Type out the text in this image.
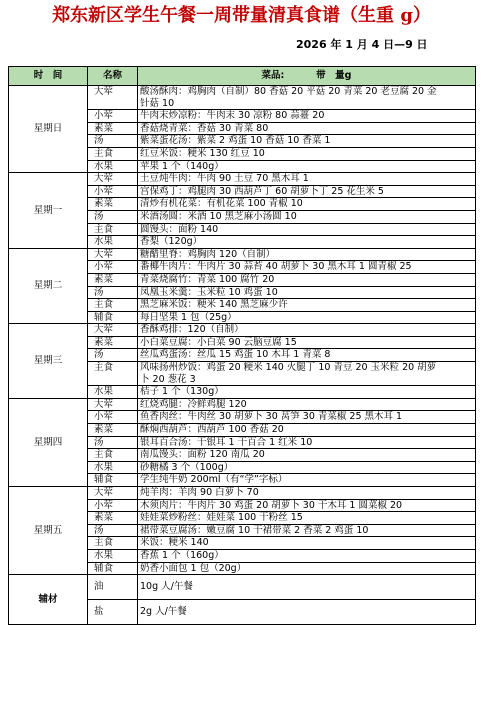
郑东新区学生午餐一周带量清真食谱（生重 g）
2026 年 1 月 4 日—9 日
时　间	名称	菜品:　　　 带　量g
星期日	大荤	酸汤酥肉：鸡胸肉（自制）80 香菇 20 平菇 20 青菜 20 老豆腐 20 金
针菇 10

	小荤	牛肉末炒凉粉：牛肉末 30 凉粉 80 蒜薹 20

	素菜	香菇烧青菜：香菇 30 青菜 80

	汤	紫菜蛋花汤：紫菜 2 鸡蛋 10 香菇 10 香菜 1

	主食	红豆米饭：粳米 130 红豆 10

	水果	苹果 1 个（140g）

星期一	大荤	土豆炖牛肉：牛肉 90 土豆 70 黑木耳 1

	小荤	宫保鸡丁：鸡腿肉 30 西葫芦丁 60 胡萝卜丁 25 花生米 5

	素菜	清炒有机花菜：有机花菜 100 青椒 10

	汤	米酒汤圆：米酒 10 黑芝麻小汤圆 10

	主食	圆馒头：面粉 140

	水果	香梨（120g）

星期二	大荤	糖醋里脊：鸡胸肉 120（自制）

	小荤	番椰牛肉片：牛肉片 30 蒜苔 40 胡萝卜 30 黑木耳 1 圆青椒 25

	素菜	青菜烧腐竹：青菜 100 腐竹 20

	汤	凤凰玉米羹：玉米粒 10 鸡蛋 10

	主食	黑芝麻米饭：粳米 140 黑芝麻少许

	辅食	每日坚果 1 包（25g）

星期三	大荤	香酥鸡排：120（自制）

	素菜	小白菜豆腐：小白菜 90 云脑豆腐 15

	汤	丝瓜鸡蛋汤：丝瓜 15 鸡蛋 10 木耳 1 青菜 8

	主食	风味扬州炒饭：鸡蛋 20 粳米 140 火腿丁 10 青豆 20 玉米粒 20 胡萝
卜 20 葱花 3

	水果	桔子 1 个（130g）

星期四	大荤	红烧鸡腿：冷鲜鸡腿 120

	小荤	鱼香肉丝：牛肉丝 30 胡萝卜 30 莴笋 30 青菜椒 25 黑木耳 1

	素菜	酥焖西葫芦：西葫芦 100 香菇 20

	汤	银耳百合汤：干银耳 1 干百合 1 红米 10

	主食	南瓜馒头：面粉 120 南瓜 20

	水果	砂糖橘 3 个（100g）

	辅食	学生纯牛奶 200ml（有“学”字标）

星期五	大荤	炖羊肉：羊肉 90 白萝卜 70

	小荤	木须肉片：牛肉片 30 鸡蛋 20 胡萝卜 30 干木耳 1 圆菜椒 20

	素菜	娃娃菜炒粉丝：娃娃菜 100 干粉丝 15

	汤	裙带菜豆腐汤：嫩豆腐 10 干裙带菜 2 香菜 2 鸡蛋 10

	主食	米饭：粳米 140

	水果	香蕉 1 个（160g）

	辅食	奶香小面包 1 包（20g）

辅材	油	10g 人/午餐
	盐	2g 人/午餐
